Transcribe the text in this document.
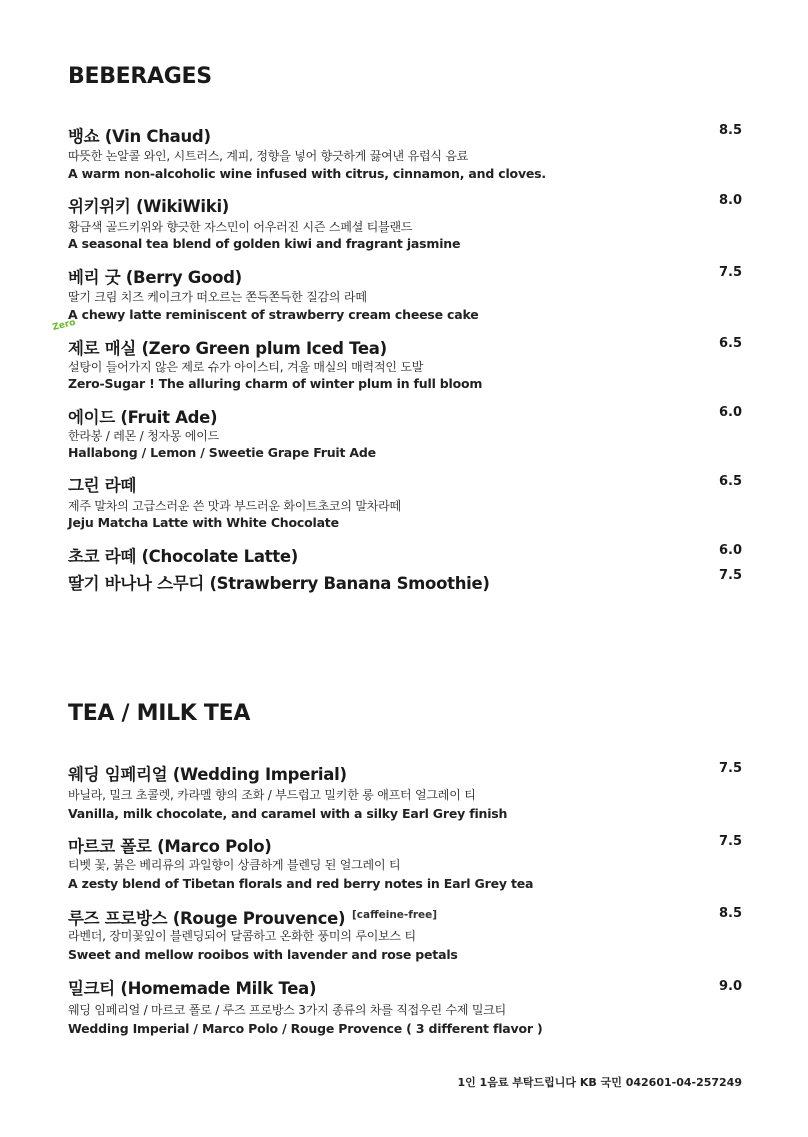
BEBERAGES
뱅쇼 (Vin Chaud)	8.5
따뜻한 논알콜 와인, 시트러스, 계피, 정향을 넣어 향긋하게 끓여낸 유럽식 음료
A warm non-alcoholic wine infused with citrus, cinnamon, and cloves.
위키위키 (WikiWiki)	8.0
황금색 골드키위와 향긋한 자스민이 어우러진 시즌 스페셜 티블랜드
A seasonal tea blend of golden kiwi and fragrant jasmine
베리 굿 (Berry Good)	7.5
딸기 크림 치즈 케이크가 떠오르는 쫀득쫀득한 질감의 라떼
A chewy latte reminiscent of strawberry cream cheese cake
Zero
제로 매실 (Zero Green plum Iced Tea)	6.5
설탕이 들어가지 않은 제로 슈가 아이스티, 겨울 매실의 매력적인 도발
Zero-Sugar ! The alluring charm of winter plum in full bloom
에이드 (Fruit Ade)	6.0
한라봉 / 레몬 / 청자몽 에이드
Hallabong / Lemon / Sweetie Grape Fruit Ade
그린 라떼	6.5
제주 말차의 고급스러운 쓴 맛과 부드러운 화이트초코의 말차라떼
Jeju Matcha Latte with White Chocolate
초코 라떼 (Chocolate Latte)	6.0
딸기 바나나 스무디 (Strawberry Banana Smoothie)	7.5
TEA / MILK TEA
웨딩 임페리얼 (Wedding Imperial)	7.5
바닐라, 밀크 초콜렛, 카라멜 향의 조화 / 부드럽고 밀키한 롱 애프터 얼그레이 티
Vanilla, milk chocolate, and caramel with a silky Earl Grey finish
마르코 폴로 (Marco Polo)	7.5
티벳 꽃, 붉은 베리류의 과일향이 상큼하게 블렌딩 된 얼그레이 티
A zesty blend of Tibetan florals and red berry notes in Earl Grey tea
루즈 프로방스 (Rouge Prouvence) [caffeine-free]	8.5
라벤더, 장미꽃잎이 블렌딩되어 달콤하고 온화한 풍미의 루이보스 티
Sweet and mellow rooibos with lavender and rose petals
밀크티 (Homemade Milk Tea)	9.0
웨딩 임페리얼 / 마르코 폴로 / 루즈 프로방스 3가지 종류의 차를 직접우린 수제 밀크티
Wedding Imperial / Marco Polo / Rouge Provence ( 3 different flavor )
1인 1음료 부탁드립니다 KB 국민 042601-04-257249
